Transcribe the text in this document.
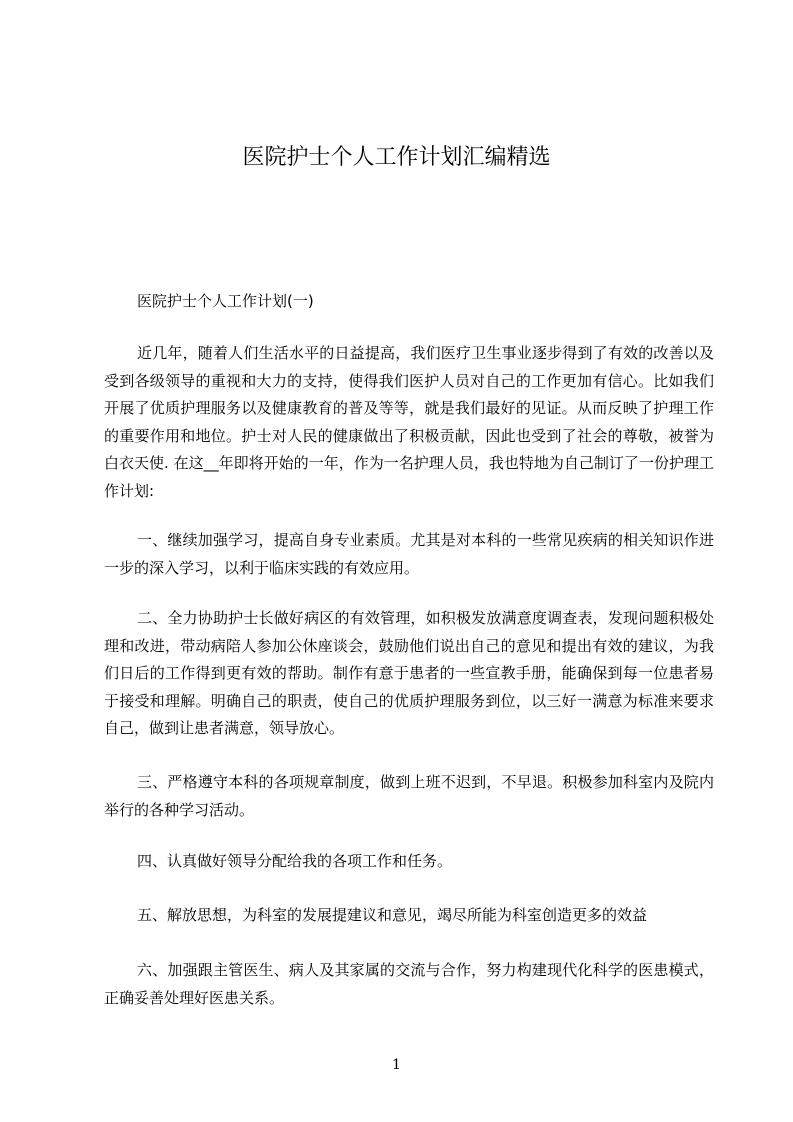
医院护士个人工作计划汇编精选
医院护士个人工作计划(一)
近几年，随着人们生活水平的日益提高，我们医疗卫生事业逐步得到了有效的改善以及受到各级领导的重视和大力的支持，使得我们医护人员对自己的工作更加有信心。比如我们开展了优质护理服务以及健康教育的普及等等，就是我们最好的见证。从而反映了护理工作的重要作用和地位。护士对人民的健康做出了积极贡献，因此也受到了社会的尊敬，被誉为白衣天使. 在这__年即将开始的一年，作为一名护理人员，我也特地为自己制订了一份护理工作计划:
一、继续加强学习，提高自身专业素质。尤其是对本科的一些常见疾病的相关知识作进一步的深入学习，以利于临床实践的有效应用。
二、全力协助护士长做好病区的有效管理，如积极发放满意度调查表，发现问题积极处理和改进，带动病陪人参加公休座谈会，鼓励他们说出自己的意见和提出有效的建议，为我们日后的工作得到更有效的帮助。制作有意于患者的一些宣教手册，能确保到每一位患者易于接受和理解。明确自己的职责，使自己的优质护理服务到位，以三好一满意为标准来要求自己，做到让患者满意，领导放心。
三、严格遵守本科的各项规章制度，做到上班不迟到，不早退。积极参加科室内及院内举行的各种学习活动。
四、认真做好领导分配给我的各项工作和任务。
五、解放思想，为科室的发展提建议和意见，竭尽所能为科室创造更多的效益
六、加强跟主管医生、病人及其家属的交流与合作，努力构建现代化科学的医患模式，正确妥善处理好医患关系。
1
